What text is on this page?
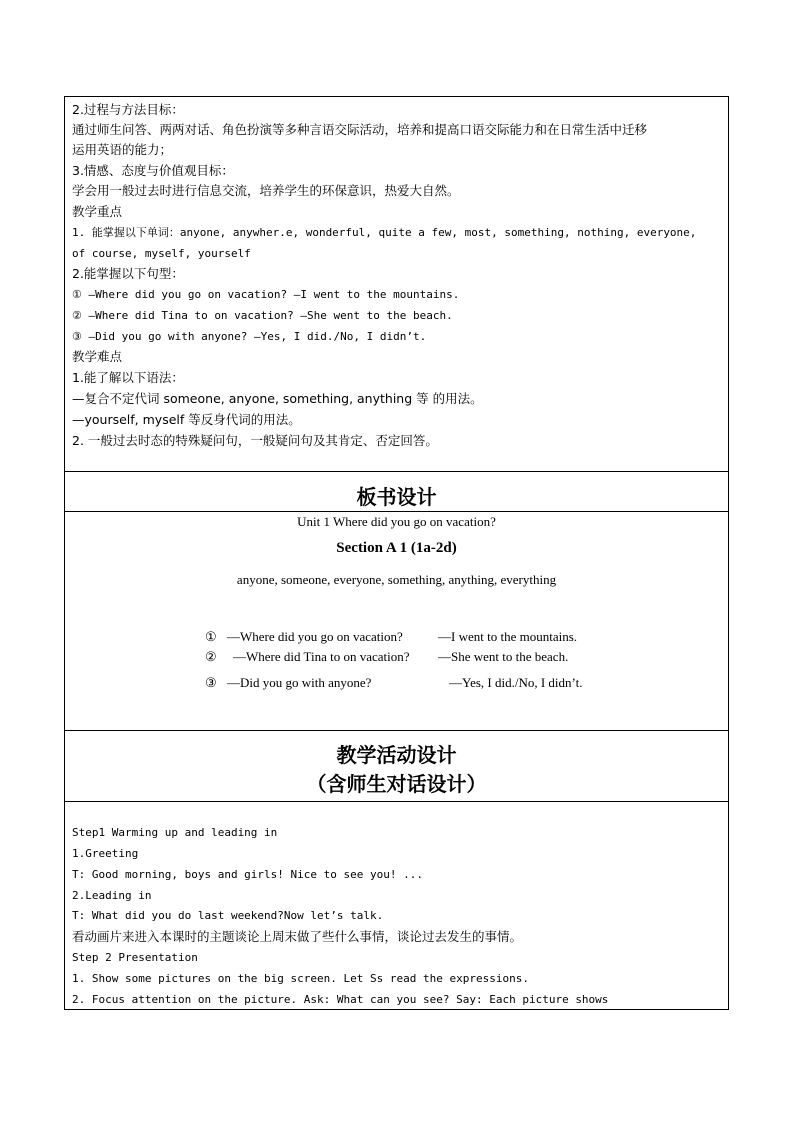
2.过程与方法目标：
通过师生问答、两两对话、角色扮演等多种言语交际活动，培养和提高口语交际能力和在日常生活中迁移
运用英语的能力；
3.情感、态度与价值观目标：
学会用一般过去时进行信息交流，培养学生的环保意识，热爱大自然。
教学重点
1. 能掌握以下单词：anyone, anywher.e, wonderful, quite a few, most, something, nothing, everyone,
of course, myself, yourself
2.能掌握以下句型：
① —Where did you go on vacation? —I went to the mountains.
② —Where did Tina to on vacation? —She went to the beach.
③ —Did you go with anyone? —Yes, I did./No, I didn’t.
教学难点
1.能了解以下语法：
—复合不定代词 someone, anyone, something, anything 等 的用法。
—yourself, myself 等反身代词的用法。
2. 一般过去时态的特殊疑问句，一般疑问句及其肯定、否定回答。
板书设计
Unit 1 Where did you go on vacation?
Section A 1 (1a-2d)
anyone, someone, everyone, something, anything, everything
① —Where did you go on vacation?	—I went to the mountains.
② —Where did Tina to on vacation? —She went to the beach.
③ —Did you go with anyone?	—Yes, I did./No, I didn’t.
教学活动设计
（含师生对话设计）
Step1 Warming up and leading in
1.Greeting
T: Good morning, boys and girls! Nice to see you! ...
2.Leading in
T: What did you do last weekend?Now let’s talk.
看动画片来进入本课时的主题谈论上周末做了些什么事情，谈论过去发生的事情。
Step 2 Presentation
1. Show some pictures on the big screen. Let Ss read the expressions.
2. Focus attention on the picture. Ask: What can you see? Say: Each picture shows
